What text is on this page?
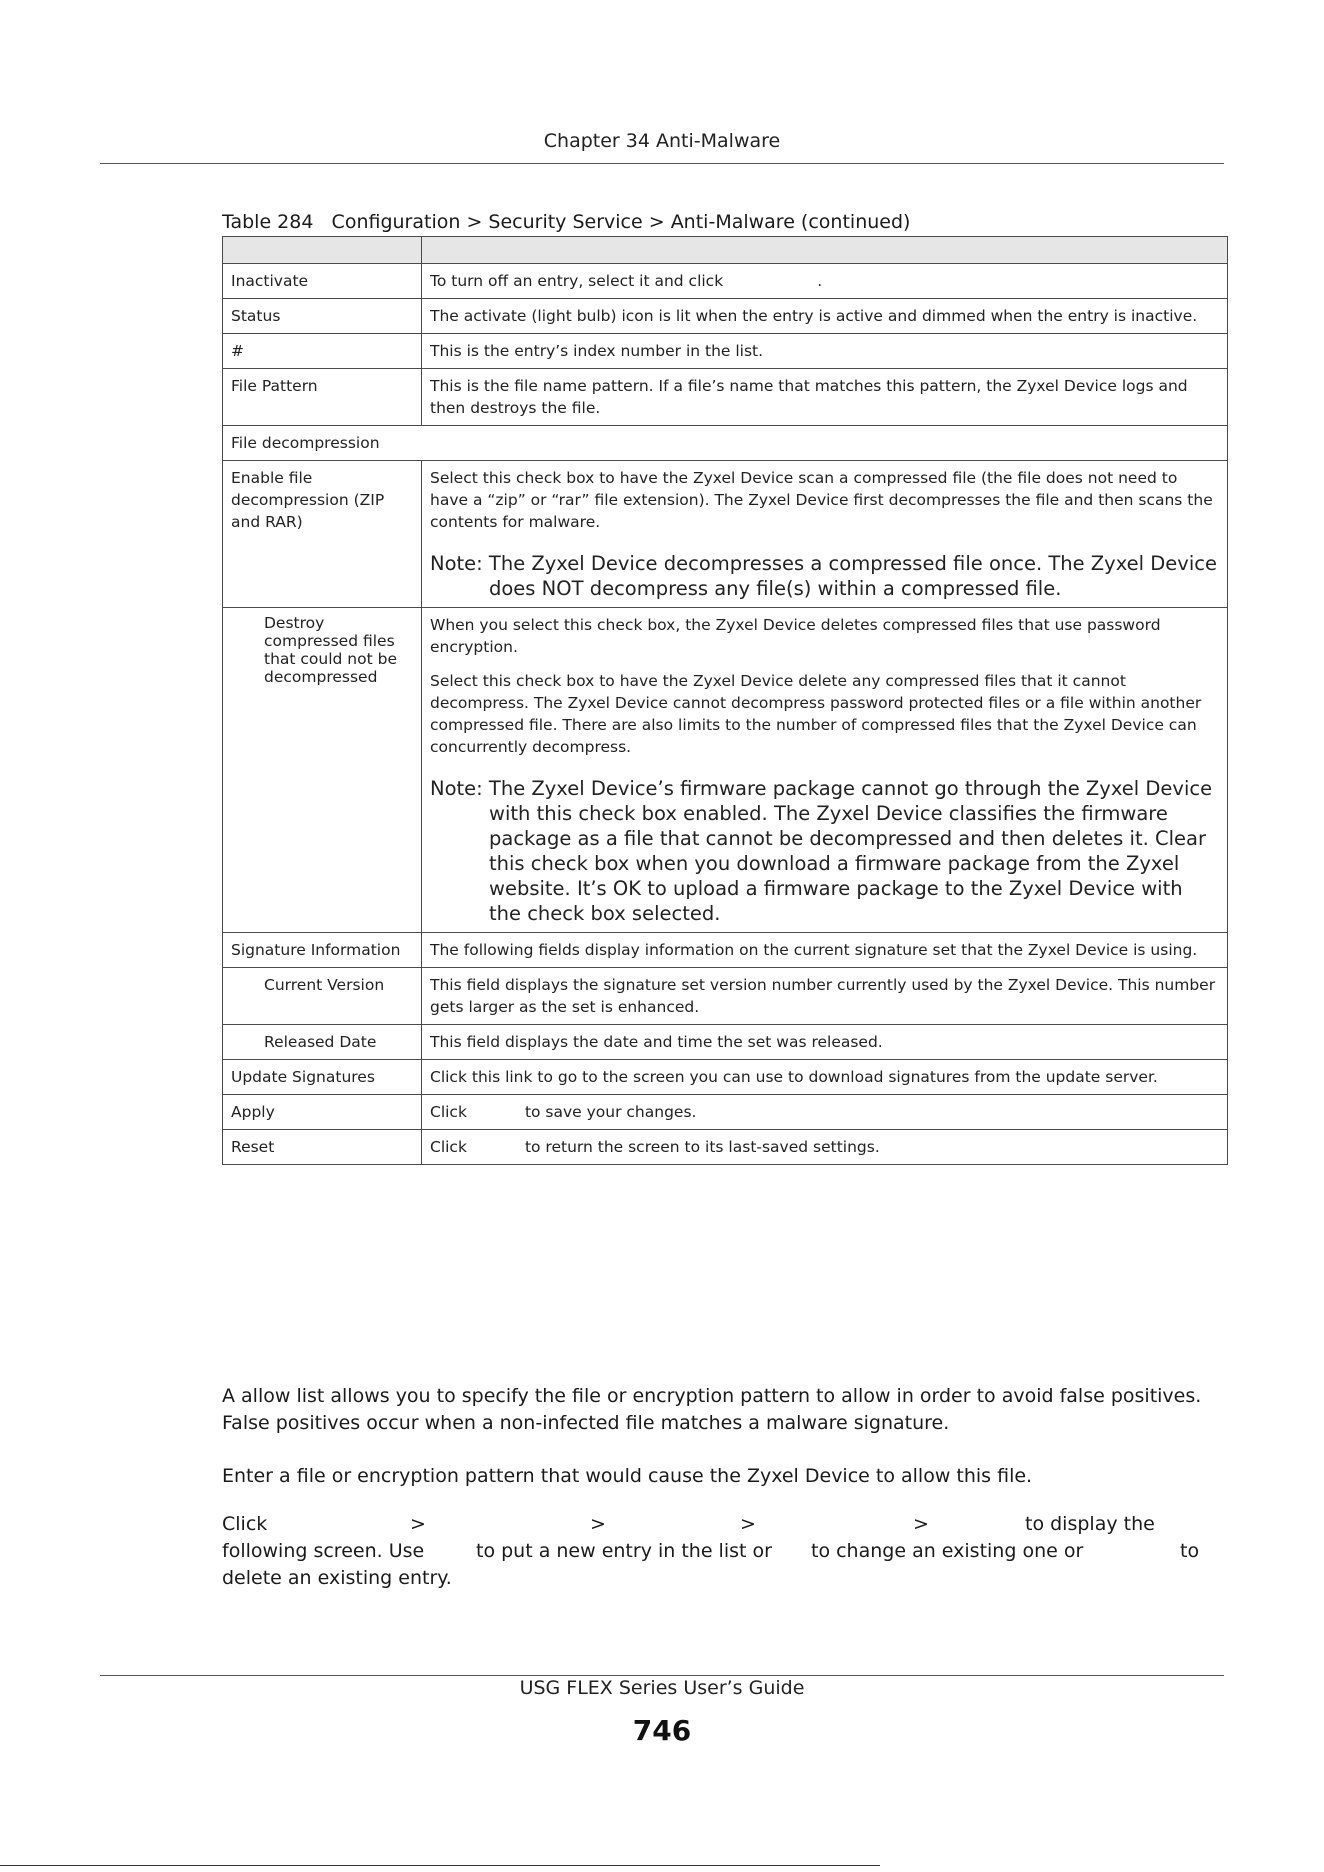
Chapter 34 Anti-Malware
Table 284   Configuration > Security Service > Anti-Malware (continued)

Inactivate	To turn off an entry, select it and click .
Status	The activate (light bulb) icon is lit when the entry is active and dimmed when the entry is inactive.
#	This is the entry’s index number in the list.
File Pattern	This is the file name pattern. If a file’s name that matches this pattern, the Zyxel Device logs and then destroys the file.
File decompression	
Enable file decompression (ZIP and RAR)	Select this check box to have the Zyxel Device scan a compressed file (the file does not need to have a “zip” or “rar” file extension). The Zyxel Device first decompresses the file and then scans the contents for malware.
Note: The Zyxel Device decompresses a compressed file once. The Zyxel Device does NOT decompress any file(s) within a compressed file.

Destroy compressed files that could not be decompressed	When you select this check box, the Zyxel Device deletes compressed files that use password encryption.
Select this check box to have the Zyxel Device delete any compressed files that it cannot decompress. The Zyxel Device cannot decompress password protected files or a file within another compressed file. There are also limits to the number of compressed files that the Zyxel Device can concurrently decompress.
Note: The Zyxel Device’s firmware package cannot go through the Zyxel Device with this check box enabled. The Zyxel Device classifies the firmware package as a file that cannot be decompressed and then deletes it. Clear this check box when you download a firmware package from the Zyxel website. It’s OK to upload a firmware package to the Zyxel Device with the check box selected.

Signature Information	The following fields display information on the current signature set that the Zyxel Device is using.
Current Version	This field displays the signature set version number currently used by the Zyxel Device. This number gets larger as the set is enhanced.
Released Date	This field displays the date and time the set was released.
Update Signatures	Click this link to go to the screen you can use to download signatures from the update server.
Apply	Click to save your changes.
Reset	Click to return the screen to its last-saved settings.
A allow list allows you to specify the file or encryption pattern to allow in order to avoid false positives. False positives occur when a non-infected file matches a malware signature.
Enter a file or encryption pattern that would cause the Zyxel Device to allow this file.
Click	>	>	>	>	to display the
following screen. Use	to put a new entry in the list or to change an existing one or	to
delete an existing entry.
USG FLEX Series User’s Guide
746
